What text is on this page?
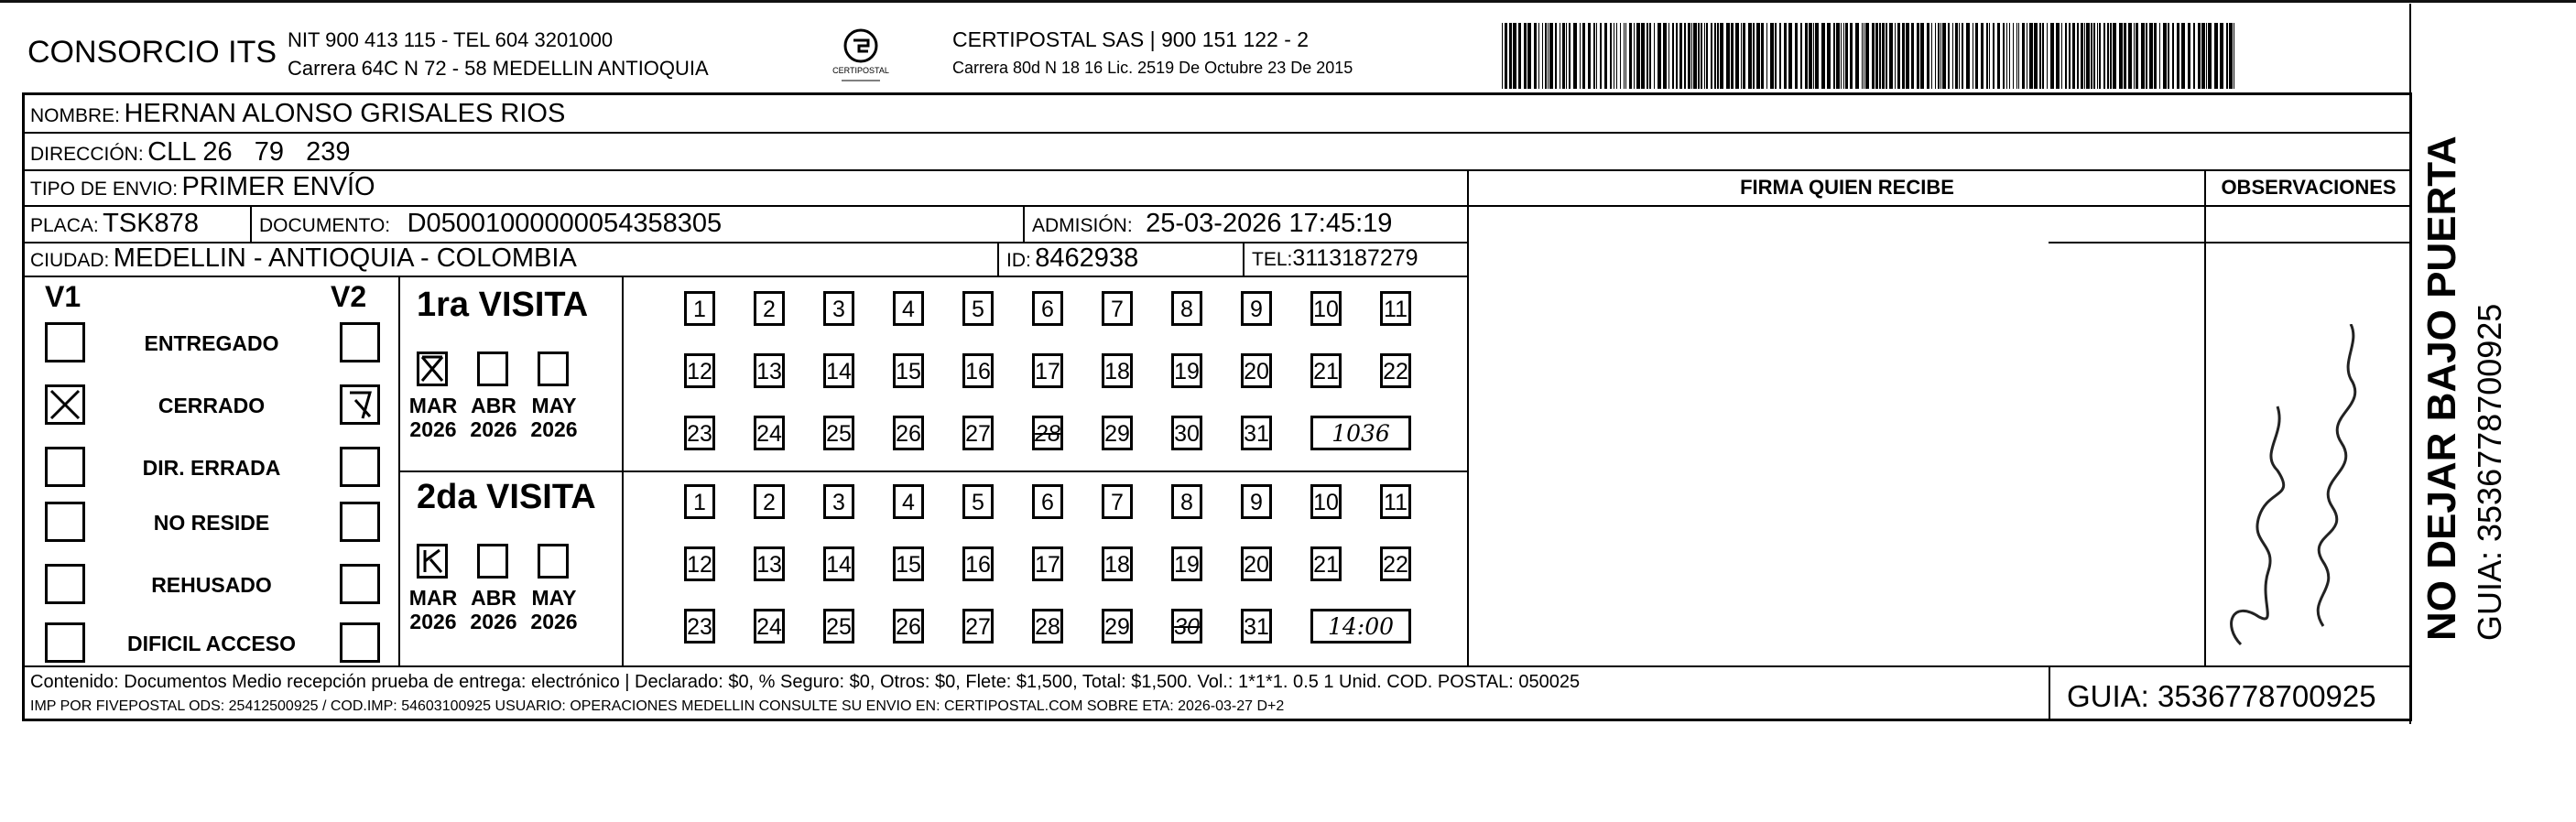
CONSORCIO ITS NIT 900 413 115 - TEL 604 3201000
Carrera 64C N 72 - 58 MEDELLIN ANTIOQUIA	CERTIPOSTAL
CERTIPOSTAL SAS | 900 151 122 - 2
Carrera 80d N 18 16 Lic. 2519 De Octubre 23 De 2015
NOMBRE: HERNAN ALONSO GRISALES RIOS
DIRECCIÓN: CLL 26   79   239
TIPO DE ENVIO: PRIMER ENVÍO	FIRMA QUIEN RECIBE	OBSERVACIONES
PLACA: TSK878	DOCUMENTO: D05001000000054358305	ADMISIÓN: 25-03-2026 17:45:19
CIUDAD: MEDELLIN - ANTIOQUIA - COLOMBIA	ID: 8462938	TEL:3113187279
V1	V2
ENTREGADO
CERRADO
DIR. ERRADA
NO RESIDE
REHUSADO
DIFICIL ACCESO
1ra VISITA
MAR
2026
ABR
2026
MAY
2026
1	2	3	4	5	6	7	8	9	10 11
12 13 14 15 16 17 18 19 20 21 22
23 24 25 26 27 28 29 30 31	1036
2da VISITA
MAR
2026
ABR
2026
MAY
2026
1	2	3	4	5	6	7	8	9	10 11
12 13 14 15 16 17 18 19 20 21 22
23 24 25 26 27 28 29 30 31	14:00
Contenido: Documentos Medio recepción prueba de entrega: electrónico | Declarado: $0, % Seguro: $0, Otros: $0, Flete: $1,500, Total: $1,500. Vol.: 1*1*1. 0.5 1 Unid. COD. POSTAL: 050025
IMP POR FIVEPOSTAL ODS: 25412500925 / COD.IMP: 54603100925 USUARIO: OPERACIONES MEDELLIN CONSULTE SU ENVIO EN: CERTIPOSTAL.COM SOBRE ETA: 2026-03-27 D+2	GUIA: 3536778700925
NO DEJAR BAJO PUERTA GUIA: 3536778700925
